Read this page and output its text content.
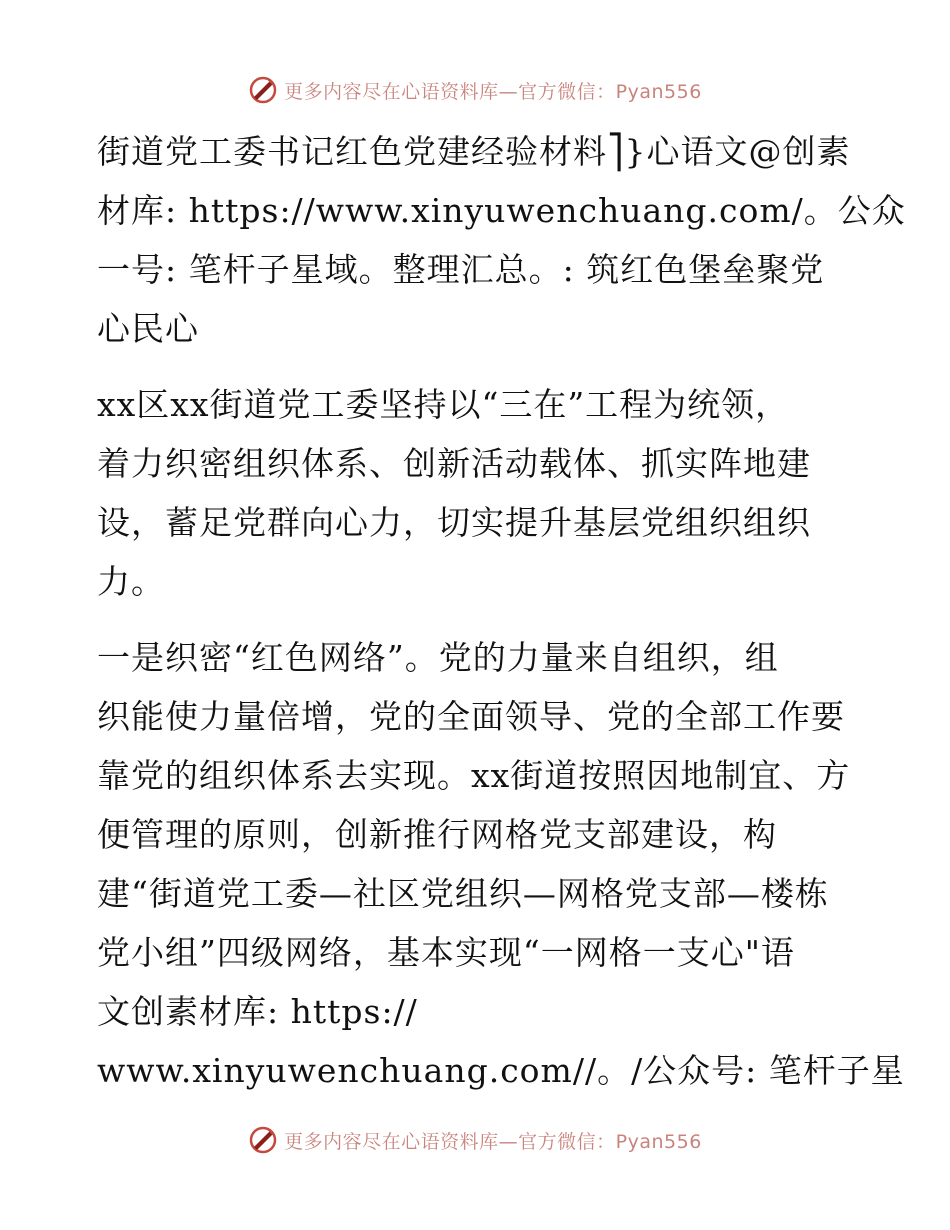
更多内容尽在心语资料库—官方微信：Pyan556

街道党工委书记红色党建经验材料⎤}心语文@创素
材库: https://www.xinyuwenchuang.com/。公众
一号: 笔杆子星域。整理汇总。: 筑红色堡垒聚党
心民心

xx区xx街道党工委坚持以“三在”工程为统领，
着力织密组织体系、创新活动载体、抓实阵地建
设，蓄足党群向心力，切实提升基层党组织组织
力。

一是织密“红色网络”。党的力量来自组织，组
织能使力量倍增，党的全面领导、党的全部工作要
靠党的组织体系去实现。xx街道按照因地制宜、方
便管理的原则，创新推行网格党支部建设，构
建“街道党工委—社区党组织—网格党支部—楼栋
党小组”四级网络，基本实现“一网格一支心"语
文创素材库: https://
www.xinyuwenchuang.com//。/公众号: 笔杆子星

更多内容尽在心语资料库—官方微信：Pyan556
